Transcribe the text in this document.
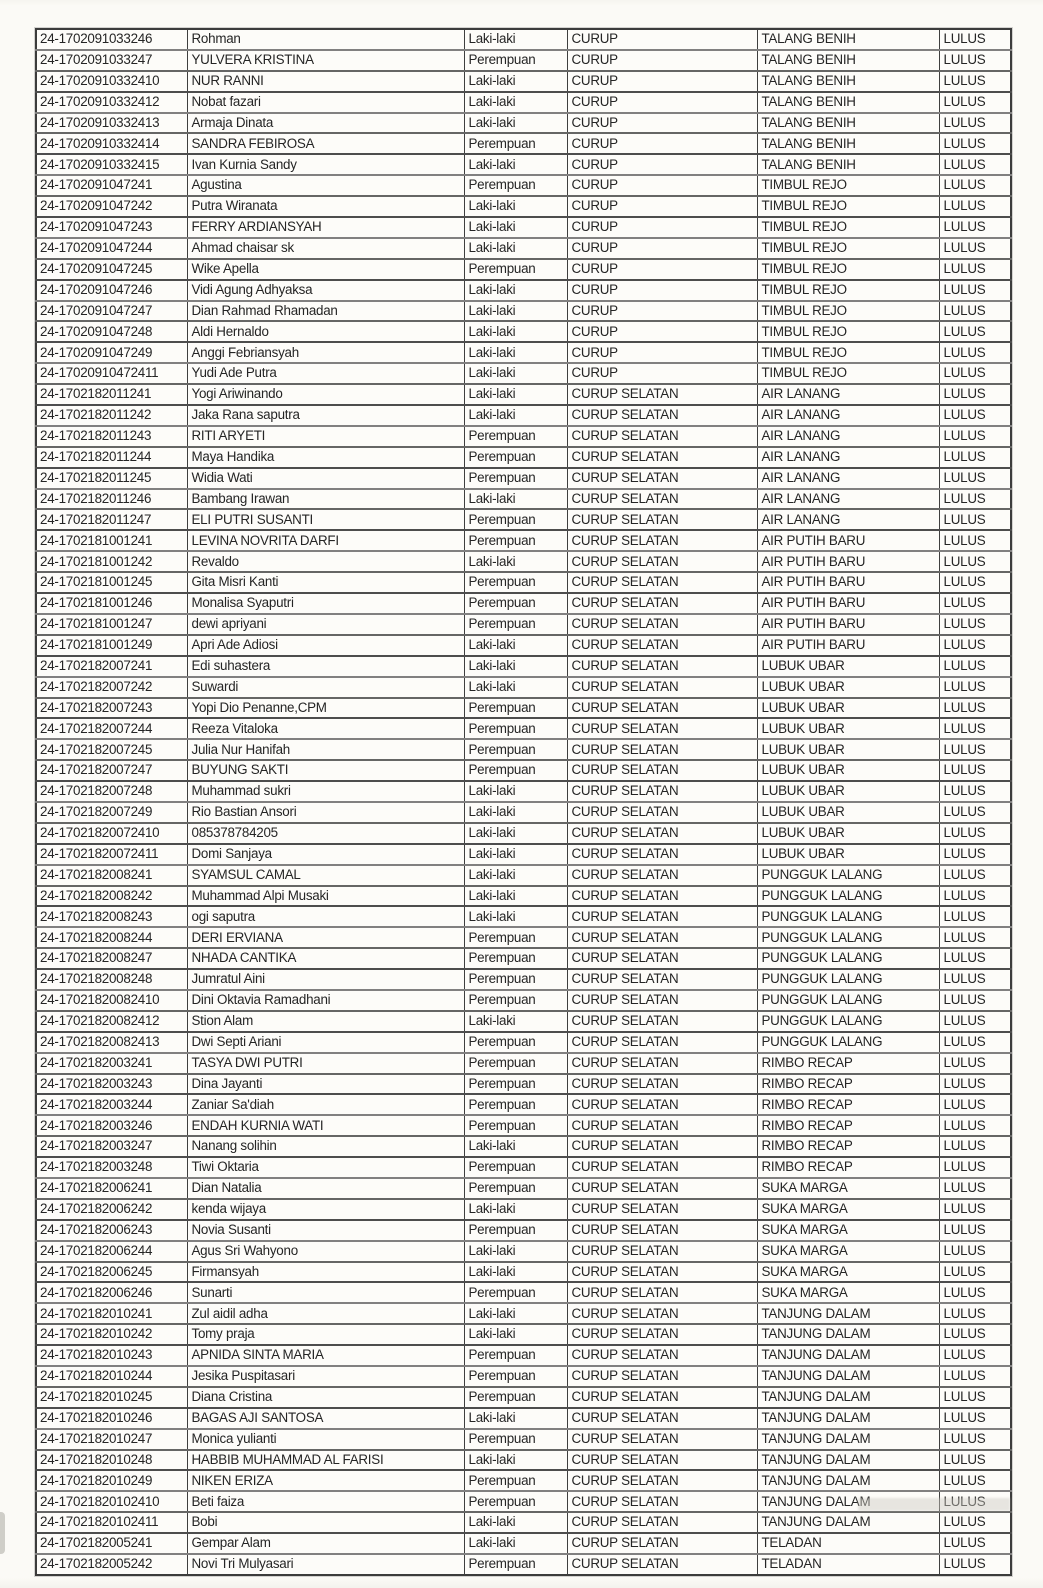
24-1702091033246	Rohman	Laki-laki	CURUP	TALANG BENIH	LULUS
24-1702091033247	YULVERA KRISTINA	Perempuan	CURUP	TALANG BENIH	LULUS
24-17020910332410	NUR RANNI	Laki-laki	CURUP	TALANG BENIH	LULUS
24-17020910332412	Nobat fazari	Laki-laki	CURUP	TALANG BENIH	LULUS
24-17020910332413	Armaja Dinata	Laki-laki	CURUP	TALANG BENIH	LULUS
24-17020910332414	SANDRA FEBIROSA	Perempuan	CURUP	TALANG BENIH	LULUS
24-17020910332415	Ivan Kurnia Sandy	Laki-laki	CURUP	TALANG BENIH	LULUS
24-1702091047241	Agustina	Perempuan	CURUP	TIMBUL REJO	LULUS
24-1702091047242	Putra Wiranata	Laki-laki	CURUP	TIMBUL REJO	LULUS
24-1702091047243	FERRY ARDIANSYAH	Laki-laki	CURUP	TIMBUL REJO	LULUS
24-1702091047244	Ahmad chaisar sk	Laki-laki	CURUP	TIMBUL REJO	LULUS
24-1702091047245	Wike Apella	Perempuan	CURUP	TIMBUL REJO	LULUS
24-1702091047246	Vidi Agung Adhyaksa	Laki-laki	CURUP	TIMBUL REJO	LULUS
24-1702091047247	Dian Rahmad Rhamadan	Laki-laki	CURUP	TIMBUL REJO	LULUS
24-1702091047248	Aldi Hernaldo	Laki-laki	CURUP	TIMBUL REJO	LULUS
24-1702091047249	Anggi Febriansyah	Laki-laki	CURUP	TIMBUL REJO	LULUS
24-17020910472411	Yudi Ade Putra	Laki-laki	CURUP	TIMBUL REJO	LULUS
24-1702182011241	Yogi Ariwinando	Laki-laki	CURUP SELATAN	AIR LANANG	LULUS
24-1702182011242	Jaka Rana saputra	Laki-laki	CURUP SELATAN	AIR LANANG	LULUS
24-1702182011243	RITI ARYETI	Perempuan	CURUP SELATAN	AIR LANANG	LULUS
24-1702182011244	Maya Handika	Perempuan	CURUP SELATAN	AIR LANANG	LULUS
24-1702182011245	Widia Wati	Perempuan	CURUP SELATAN	AIR LANANG	LULUS
24-1702182011246	Bambang Irawan	Laki-laki	CURUP SELATAN	AIR LANANG	LULUS
24-1702182011247	ELI PUTRI SUSANTI	Perempuan	CURUP SELATAN	AIR LANANG	LULUS
24-1702181001241	LEVINA NOVRITA DARFI	Perempuan	CURUP SELATAN	AIR PUTIH BARU	LULUS
24-1702181001242	Revaldo	Laki-laki	CURUP SELATAN	AIR PUTIH BARU	LULUS
24-1702181001245	Gita Misri Kanti	Perempuan	CURUP SELATAN	AIR PUTIH BARU	LULUS
24-1702181001246	Monalisa Syaputri	Perempuan	CURUP SELATAN	AIR PUTIH BARU	LULUS
24-1702181001247	dewi apriyani	Perempuan	CURUP SELATAN	AIR PUTIH BARU	LULUS
24-1702181001249	Apri Ade Adiosi	Laki-laki	CURUP SELATAN	AIR PUTIH BARU	LULUS
24-1702182007241	Edi suhastera	Laki-laki	CURUP SELATAN	LUBUK UBAR	LULUS
24-1702182007242	Suwardi	Laki-laki	CURUP SELATAN	LUBUK UBAR	LULUS
24-1702182007243	Yopi Dio Penanne,CPM	Perempuan	CURUP SELATAN	LUBUK UBAR	LULUS
24-1702182007244	Reeza Vitaloka	Perempuan	CURUP SELATAN	LUBUK UBAR	LULUS
24-1702182007245	Julia Nur Hanifah	Perempuan	CURUP SELATAN	LUBUK UBAR	LULUS
24-1702182007247	BUYUNG SAKTI	Perempuan	CURUP SELATAN	LUBUK UBAR	LULUS
24-1702182007248	Muhammad sukri	Laki-laki	CURUP SELATAN	LUBUK UBAR	LULUS
24-1702182007249	Rio Bastian Ansori	Laki-laki	CURUP SELATAN	LUBUK UBAR	LULUS
24-17021820072410	085378784205	Laki-laki	CURUP SELATAN	LUBUK UBAR	LULUS
24-17021820072411	Domi Sanjaya	Laki-laki	CURUP SELATAN	LUBUK UBAR	LULUS
24-1702182008241	SYAMSUL CAMAL	Laki-laki	CURUP SELATAN	PUNGGUK LALANG	LULUS
24-1702182008242	Muhammad Alpi Musaki	Laki-laki	CURUP SELATAN	PUNGGUK LALANG	LULUS
24-1702182008243	ogi saputra	Laki-laki	CURUP SELATAN	PUNGGUK LALANG	LULUS
24-1702182008244	DERI ERVIANA	Perempuan	CURUP SELATAN	PUNGGUK LALANG	LULUS
24-1702182008247	NHADA CANTIKA	Perempuan	CURUP SELATAN	PUNGGUK LALANG	LULUS
24-1702182008248	Jumratul Aini	Perempuan	CURUP SELATAN	PUNGGUK LALANG	LULUS
24-17021820082410	Dini Oktavia Ramadhani	Perempuan	CURUP SELATAN	PUNGGUK LALANG	LULUS
24-17021820082412	Stion Alam	Laki-laki	CURUP SELATAN	PUNGGUK LALANG	LULUS
24-17021820082413	Dwi Septi Ariani	Perempuan	CURUP SELATAN	PUNGGUK LALANG	LULUS
24-1702182003241	TASYA DWI PUTRI	Perempuan	CURUP SELATAN	RIMBO RECAP	LULUS
24-1702182003243	Dina Jayanti	Perempuan	CURUP SELATAN	RIMBO RECAP	LULUS
24-1702182003244	Zaniar Sa'diah	Perempuan	CURUP SELATAN	RIMBO RECAP	LULUS
24-1702182003246	ENDAH KURNIA WATI	Perempuan	CURUP SELATAN	RIMBO RECAP	LULUS
24-1702182003247	Nanang solihin	Laki-laki	CURUP SELATAN	RIMBO RECAP	LULUS
24-1702182003248	Tiwi Oktaria	Perempuan	CURUP SELATAN	RIMBO RECAP	LULUS
24-1702182006241	Dian Natalia	Perempuan	CURUP SELATAN	SUKA MARGA	LULUS
24-1702182006242	kenda wijaya	Laki-laki	CURUP SELATAN	SUKA MARGA	LULUS
24-1702182006243	Novia Susanti	Perempuan	CURUP SELATAN	SUKA MARGA	LULUS
24-1702182006244	Agus Sri Wahyono	Laki-laki	CURUP SELATAN	SUKA MARGA	LULUS
24-1702182006245	Firmansyah	Laki-laki	CURUP SELATAN	SUKA MARGA	LULUS
24-1702182006246	Sunarti	Perempuan	CURUP SELATAN	SUKA MARGA	LULUS
24-1702182010241	Zul aidil adha	Laki-laki	CURUP SELATAN	TANJUNG DALAM	LULUS
24-1702182010242	Tomy praja	Laki-laki	CURUP SELATAN	TANJUNG DALAM	LULUS
24-1702182010243	APNIDA SINTA MARIA	Perempuan	CURUP SELATAN	TANJUNG DALAM	LULUS
24-1702182010244	Jesika Puspitasari	Perempuan	CURUP SELATAN	TANJUNG DALAM	LULUS
24-1702182010245	Diana Cristina	Perempuan	CURUP SELATAN	TANJUNG DALAM	LULUS
24-1702182010246	BAGAS AJI SANTOSA	Laki-laki	CURUP SELATAN	TANJUNG DALAM	LULUS
24-1702182010247	Monica yulianti	Perempuan	CURUP SELATAN	TANJUNG DALAM	LULUS
24-1702182010248	HABBIB MUHAMMAD AL FARISI	Laki-laki	CURUP SELATAN	TANJUNG DALAM	LULUS
24-1702182010249	NIKEN ERIZA	Perempuan	CURUP SELATAN	TANJUNG DALAM	LULUS
24-17021820102410	Beti faiza	Perempuan	CURUP SELATAN	TANJUNG DALAM	LULUS
24-17021820102411	Bobi	Laki-laki	CURUP SELATAN	TANJUNG DALAM	LULUS
24-1702182005241	Gempar Alam	Laki-laki	CURUP SELATAN	TELADAN	LULUS
24-1702182005242	Novi Tri Mulyasari	Perempuan	CURUP SELATAN	TELADAN	LULUS
